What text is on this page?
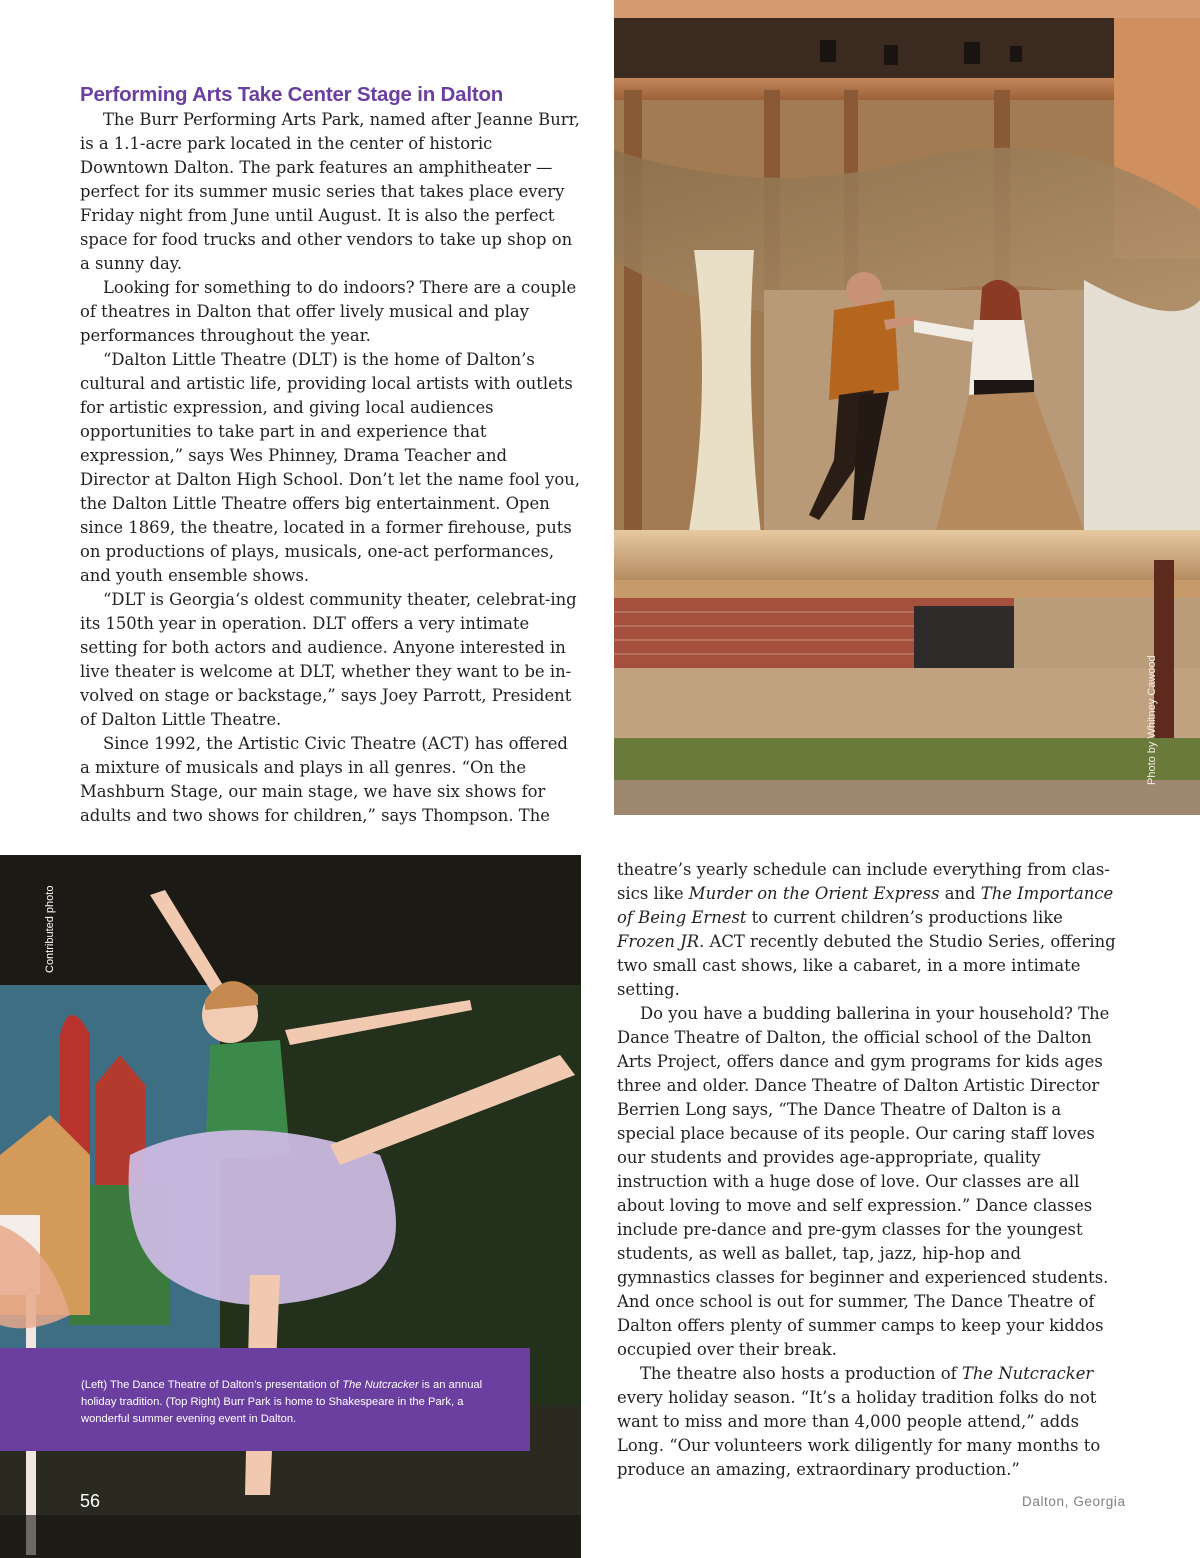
Performing Arts Take Center Stage in Dalton

The Burr Performing Arts Park, named after Jeanne Burr, is a 1.1-acre park located in the center of historic Downtown Dalton. The park features an amphitheater — perfect for its summer music series that takes place every Friday night from June until August. It is also the perfect space for food trucks and other vendors to take up shop on a sunny day.

Looking for something to do indoors? There are a couple of theatres in Dalton that offer lively musical and play performances throughout the year.

“Dalton Little Theatre (DLT) is the home of Dalton’s cultural and artistic life, providing local artists with outlets for artistic expression, and giving local audiences opportunities to take part in and experience that expression,” says Wes Phinney, Drama Teacher and Director at Dalton High School. Don’t let the name fool you, the Dalton Little Theatre offers big entertainment. Open since 1869, the theatre, located in a former firehouse, puts on productions of plays, musicals, one-act performances, and youth ensemble shows.

“DLT is Georgia‘s oldest community theater, celebrat-ing its 150th year in operation. DLT offers a very intimate setting for both actors and audience. Anyone interested in live theater is welcome at DLT, whether they want to be in-volved on stage or backstage,” says Joey Parrott, President of Dalton Little Theatre.

Since 1992, the Artistic Civic Theatre (ACT) has offered a mixture of musicals and plays in all genres. “On the Mashburn Stage, our main stage, we have six shows for adults and two shows for children,” says Thompson. The

Photo by Whitney Cawood
Contributed photo
(Left) The Dance Theatre of Dalton’s presentation of The Nutcracker is an annual holiday tradition. (Top Right) Burr Park is home to Shakespeare in the Park, a wonderful summer evening event in Dalton.

theatre’s yearly schedule can include everything from clas-sics like Murder on the Orient Express and The Importance of Being Ernest to current children’s productions like Frozen JR. ACT recently debuted the Studio Series, offering two small cast shows, like a cabaret, in a more intimate setting.

Do you have a budding ballerina in your household? The Dance Theatre of Dalton, the official school of the Dalton Arts Project, offers dance and gym programs for kids ages three and older. Dance Theatre of Dalton Artistic Director Berrien Long says, “The Dance Theatre of Dalton is a special place because of its people. Our caring staff loves our students and provides age-appropriate, quality instruction with a huge dose of love. Our classes are all about loving to move and self expression.” Dance classes include pre-dance and pre-gym classes for the youngest students, as well as ballet, tap, jazz, hip-hop and gymnastics classes for beginner and experienced students. And once school is out for summer, The Dance Theatre of Dalton offers plenty of summer camps to keep your kiddos occupied over their break.

The theatre also hosts a production of The Nutcracker every holiday season. “It’s a holiday tradition folks do not want to miss and more than 4,000 people attend,” adds Long. “Our volunteers work diligently for many months to produce an amazing, extraordinary production.”

56	Dalton, Georgia
